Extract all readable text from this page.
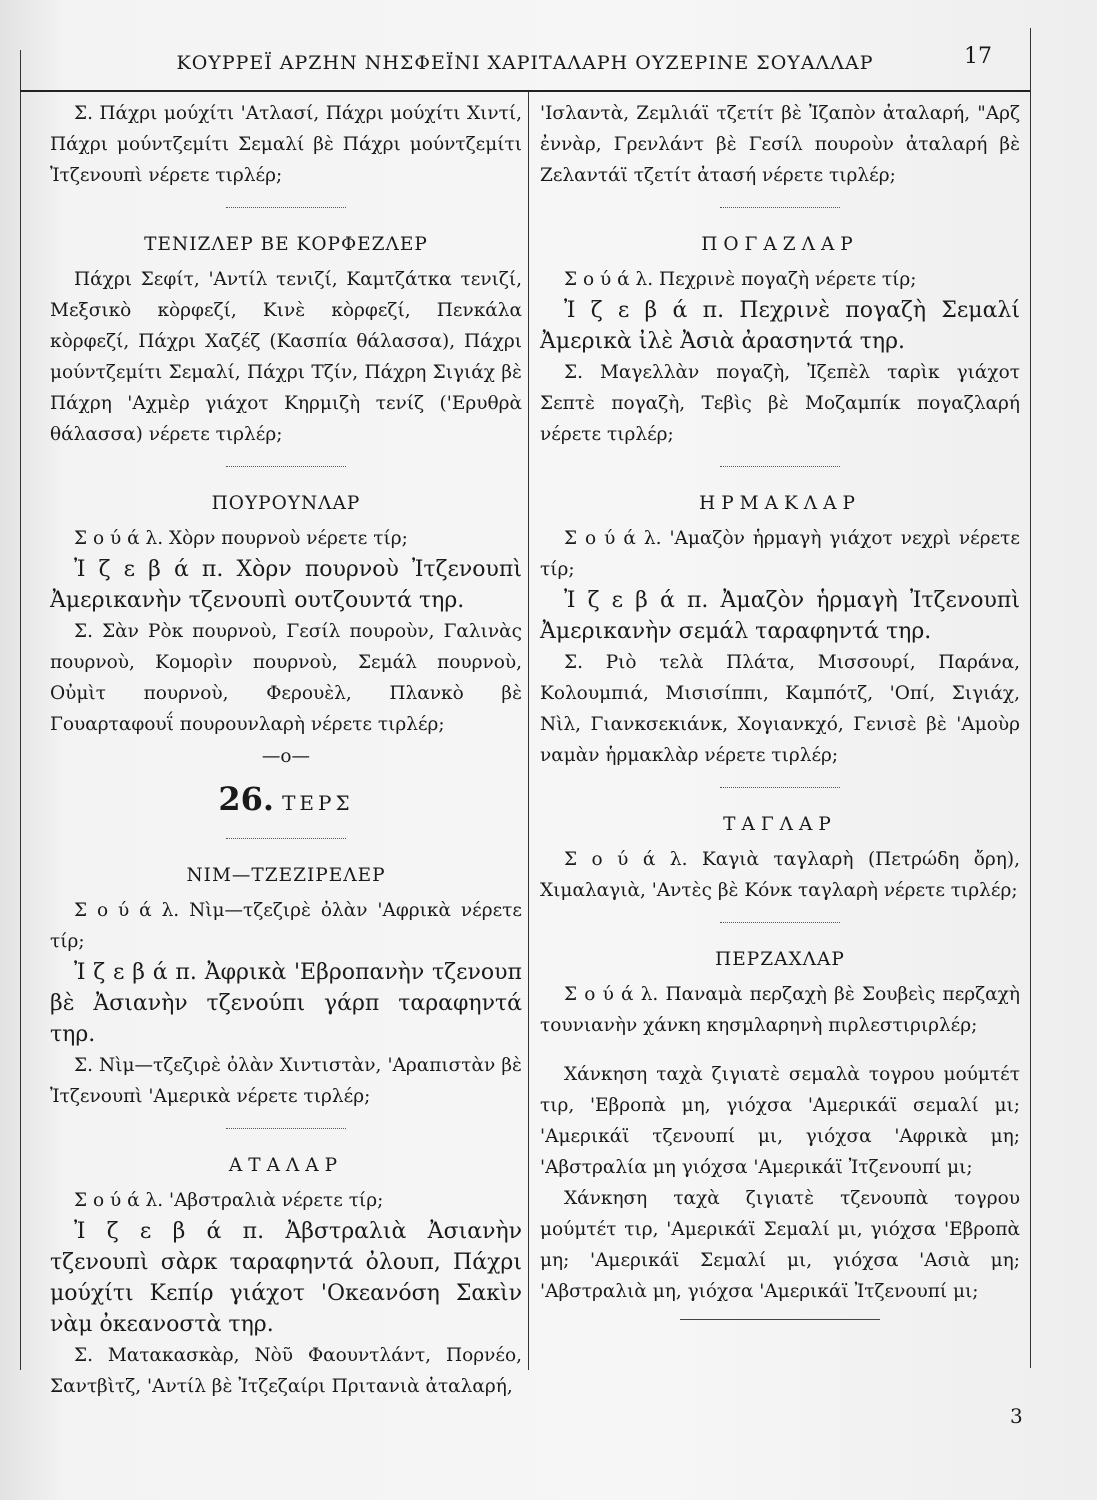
ΚΟΥΡΡΕΪ ΑΡΖΗΝ ΝΗΣΦΕΪΝΙ ΧΑΡΙΤΑΛΑΡΗ ΟΥΖΕΡΙΝΕ ΣΟΥΑΛΛΑΡ	17

Σ. Πάχρι μούχίτι 'Ατλασί, Πάχρι μούχίτι Χιντί, Πάχρι μούντζεμίτι Σεμαλί βὲ Πάχρι μούντζεμίτι Ἰτζενουπὶ νέρετε τιρλέρ;

ΤΕΝΙΖΛΕΡ ΒΕ ΚΟΡΦΕΖΛΕΡ

Πάχρι Σεφίτ, 'Αντίλ τενιζί, Καμτζάτκα τενιζί, Μεξσικὸ κὸρφεζί, Κινὲ κὸρφεζί, Πενκάλα κὸρφεζί, Πάχρι Χαζέζ (Κασπία θάλασσα), Πάχρι μούντζεμίτι Σεμαλί, Πάχρι Τζίν, Πάχρη Σιγιάχ βὲ Πάχρη 'Αχμὲρ γιάχοτ Κηρμιζὴ τενίζ ('Ερυθρὰ θάλασσα) νέρετε τιρλέρ;

ΠΟΥΡΟΥΝΛΑΡ

Σ ο ύ ά λ. Χὸρν πουρνοὺ νέρετε τίρ;

Ἰ ζ ε β ά π. Χὸρν πουρνοὺ Ἰτζενουπὶ Ἀμερικανὴν τζενουπὶ ουτζουντά τηρ.

Σ. Σὰν Ρὸκ πουρνοὺ, Γεσίλ πουροὺν, Γαλινὰς πουρνοὺ, Κομορὶν πουρνοὺ, Σεμάλ πουρνοὺ, Οὐμὶτ πουρνοὺ, Φερουὲλ, Πλανκὸ βὲ Γουαρταφουΐ πουρουνλαρὴ νέρετε τιρλέρ;

—ο—
26. ΤΕΡΣ
ΝΙΜ—ΤΖΕΖΙΡΕΛΕΡ

Σ ο ύ ά λ. Νὶμ—τζεζιρὲ ὀλὰν 'Αφρικὰ νέρετε τίρ;

Ἰ ζ ε β ά π. Ἀφρικὰ 'Εβροπανὴν τζενουπ βὲ Ἀσιανὴν τζενούπι γάρπ ταραφηντά τηρ.

Σ. Νὶμ—τζεζιρὲ ὀλὰν Χιντιστὰν, 'Αραπιστὰν βὲ Ἰτζενουπὶ 'Αμερικὰ νέρετε τιρλέρ;

ΑΤΑΛΑΡ

Σ ο ύ ά λ. 'Αβστραλιὰ νέρετε τίρ;

Ἰ ζ ε β ά π. Ἀβστραλιὰ Ἀσιανὴν τζενουπὶ σὰρκ ταραφηντά ὀλουπ, Πάχρι μούχίτι Κεπίρ γιάχοτ 'Οκεανόση Σακὶν νὰμ ὀκεανοστὰ τηρ.

Σ. Ματακασκὰρ, Νὸῦ Φαουντλάντ, Πορνέο, Σαντβὶτζ, 'Αντίλ βὲ Ἰτζεζαίρι Πριτανιὰ ἀταλαρή,

'Ισλαντὰ, Ζεμλιάϊ τζετίτ βὲ Ἰζαπὸν ἀταλαρή, "Αρζ ἐννὰρ, Γρενλάντ βὲ Γεσίλ πουροὺν ἀταλαρή βὲ Ζελαντάϊ τζετίτ ἀτασή νέρετε τιρλέρ;

ΠΟΓΑΖΛΑΡ

Σ ο ύ ά λ. Πεχρινὲ πογαζὴ νέρετε τίρ;

Ἰ ζ ε β ά π. Πεχρινὲ πογαζὴ Σεμαλί Ἀμερικὰ ἰλὲ Ἀσιὰ ἀρασηντά τηρ.

Σ. Μαγελλὰν πογαζὴ, Ἰζεπὲλ ταρὶκ γιάχοτ Σεπτὲ πογαζὴ, Τεβὶς βὲ Μοζαμπίκ πογαζλαρή νέρετε τιρλέρ;

ΗΡΜΑΚΛΑΡ

Σ ο ύ ά λ. 'Αμαζὸν ἡρμαγὴ γιάχοτ νεχρὶ νέρετε τίρ;

Ἰ ζ ε β ά π. Ἀμαζὸν ἡρμαγὴ Ἰτζενουπὶ Ἀμερικανὴν σεμάλ ταραφηντά τηρ.

Σ. Ριὸ τελὰ Πλάτα, Μισσουρί, Παράνα, Κολουμπιά, Μισισίππι, Καμπότζ, 'Οπί, Σιγιάχ, Νὶλ, Γιανκσεκιάνκ, Χογιανκχό, Γενισὲ βὲ 'Αμοὺρ ναμὰν ἡρμακλὰρ νέρετε τιρλέρ;

ΤΑΓΛΑΡ

Σ ο ύ ά λ. Καγιὰ ταγλαρὴ (Πετρώδη ὄρη), Χιμαλαγιὰ, 'Αντὲς βὲ Κόνκ ταγλαρὴ νέρετε τιρλέρ;

ΠΕΡΖΑΧΛΑΡ

Σ ο ύ ά λ. Παναμὰ περζαχὴ βὲ Σουβεὶς περζαχὴ τουνιανὴν χάνκη κησμλαρηνὴ πιρλεστιριρλέρ;

Χάνκηση ταχὰ ζιγιατὲ σεμαλὰ τογρου μούμτέτ τιρ, 'Εβροπὰ μη, γιόχσα 'Αμερικάϊ σεμαλί μι; 'Αμερικάϊ τζενουπί μι, γιόχσα 'Αφρικὰ μη; 'Αβστραλία μη γιόχσα 'Αμερικάϊ Ἰτζενουπί μι;

Χάνκηση ταχὰ ζιγιατὲ τζενουπὰ τογρου μούμτέτ τιρ, 'Αμερικάϊ Σεμαλί μι, γιόχσα 'Εβροπὰ μη; 'Αμερικάϊ Σεμαλί μι, γιόχσα 'Ασιὰ μη; 'Αβστραλιὰ μη, γιόχσα 'Αμερικάϊ Ἰτζενουπί μι;

3
